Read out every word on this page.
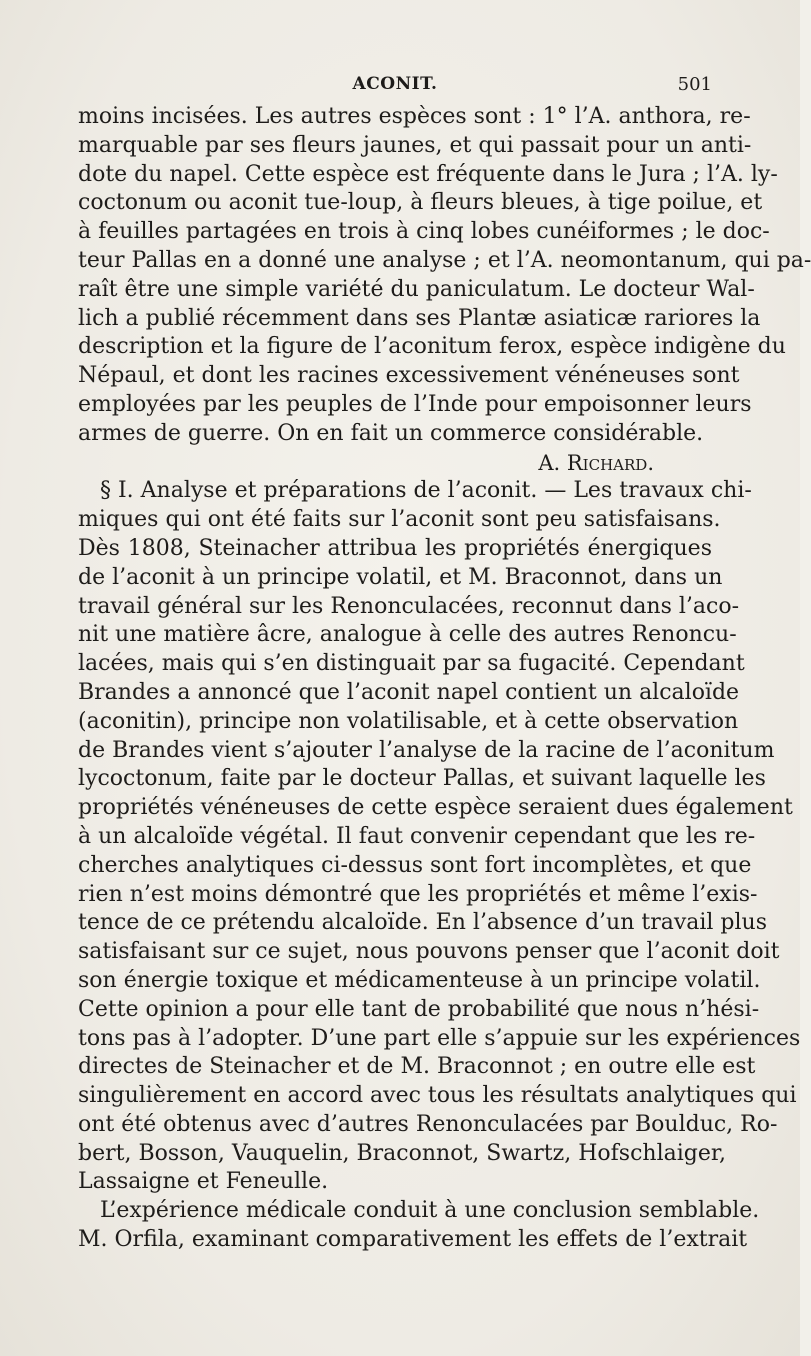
ACONIT.	501
moins incisées. Les autres espèces sont : 1° l’A. anthora, re-
marquable par ses fleurs jaunes, et qui passait pour un anti-
dote du napel. Cette espèce est fréquente dans le Jura ; l’A. ly-
coctonum ou aconit tue-loup, à fleurs bleues, à tige poilue, et
à feuilles partagées en trois à cinq lobes cunéiformes ; le doc-
teur Pallas en a donné une analyse ; et l’A. neomontanum, qui pa-
raît être une simple variété du paniculatum. Le docteur Wal-
lich a publié récemment dans ses Plantæ asiaticæ rariores la
description et la figure de l’aconitum ferox, espèce indigène du
Népaul, et dont les racines excessivement vénéneuses sont
employées par les peuples de l’Inde pour empoisonner leurs
armes de guerre. On en fait un commerce considérable.
A. Richard.
§ I. Analyse et préparations de l’aconit. — Les travaux chi-
miques qui ont été faits sur l’aconit sont peu satisfaisans.
Dès 1808, Steinacher attribua les propriétés énergiques
de l’aconit à un principe volatil, et M. Braconnot, dans un
travail général sur les Renonculacées, reconnut dans l’aco-
nit une matière âcre, analogue à celle des autres Renoncu-
lacées, mais qui s’en distinguait par sa fugacité. Cependant
Brandes a annoncé que l’aconit napel contient un alcaloïde
(aconitin), principe non volatilisable, et à cette observation
de Brandes vient s’ajouter l’analyse de la racine de l’aconitum
lycoctonum, faite par le docteur Pallas, et suivant laquelle les
propriétés vénéneuses de cette espèce seraient dues également
à un alcaloïde végétal. Il faut convenir cependant que les re-
cherches analytiques ci-dessus sont fort incomplètes, et que
rien n’est moins démontré que les propriétés et même l’exis-
tence de ce prétendu alcaloïde. En l’absence d’un travail plus
satisfaisant sur ce sujet, nous pouvons penser que l’aconit doit
son énergie toxique et médicamenteuse à un principe volatil.
Cette opinion a pour elle tant de probabilité que nous n’hési-
tons pas à l’adopter. D’une part elle s’appuie sur les expériences
directes de Steinacher et de M. Braconnot ; en outre elle est
singulièrement en accord avec tous les résultats analytiques qui
ont été obtenus avec d’autres Renonculacées par Boulduc, Ro-
bert, Bosson, Vauquelin, Braconnot, Swartz, Hofschlaiger,
Lassaigne et Feneulle.
L’expérience médicale conduit à une conclusion semblable.
M. Orfila, examinant comparativement les effets de l’extrait
